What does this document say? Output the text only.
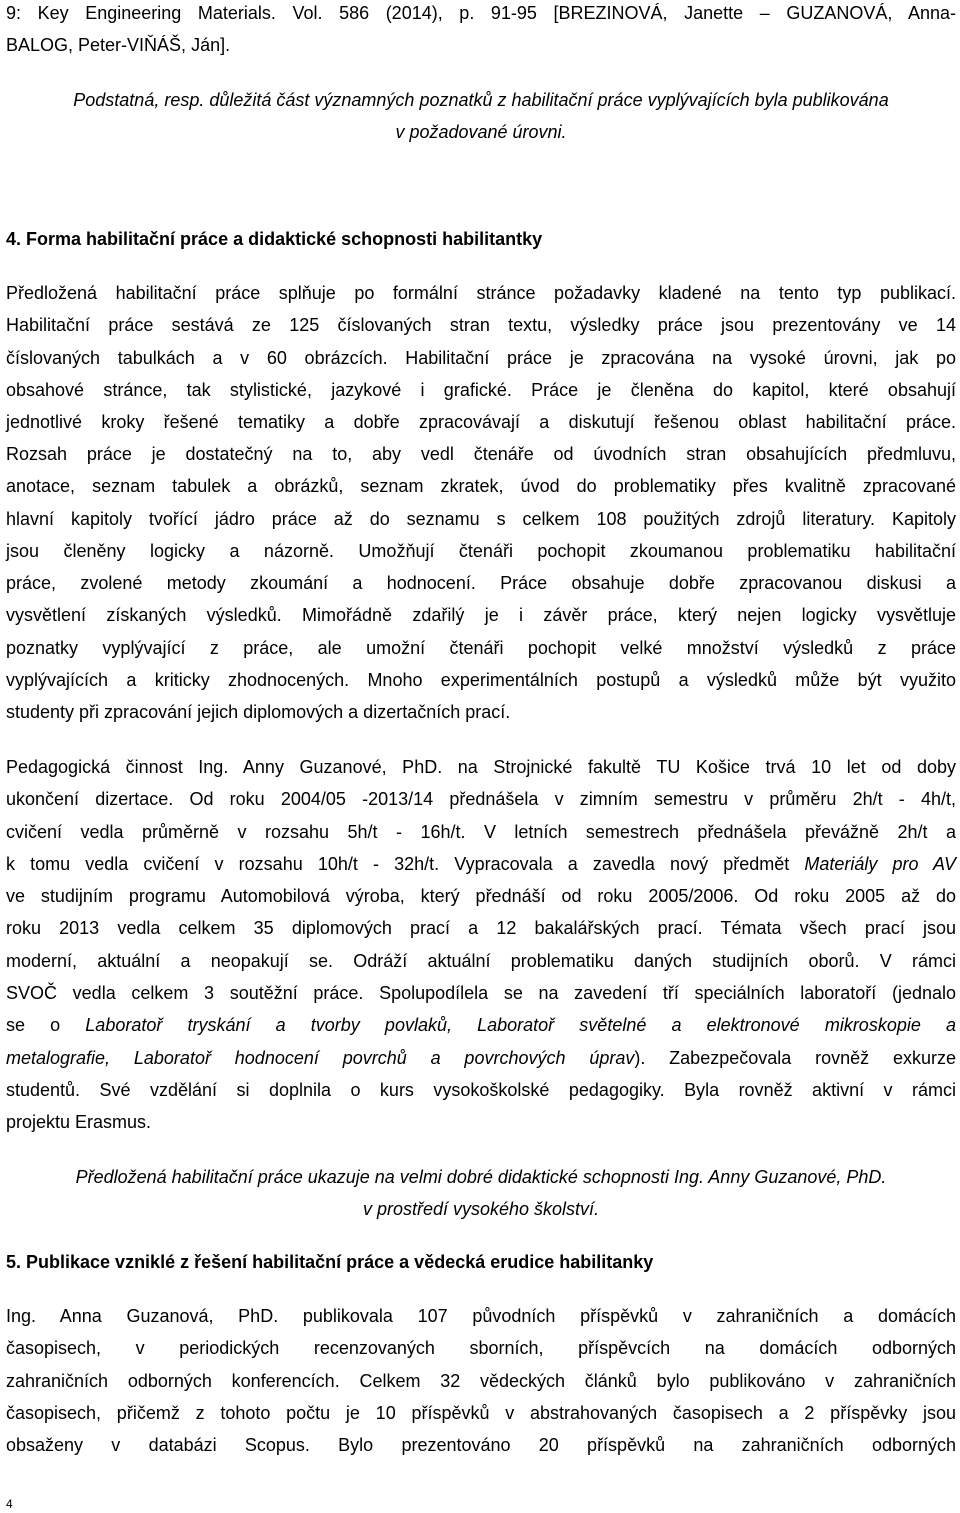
9: Key Engineering Materials. Vol. 586 (2014), p. 91-95 [BREZINOVÁ, Janette – GUZANOVÁ, Anna-
BALOG, Peter-VIŇÁŠ, Ján].
Podstatná, resp. důležitá část významných poznatků z habilitační práce vyplývajících byla publikována
v požadované úrovni.
4. Forma habilitační práce a didaktické schopnosti habilitantky
Předložená habilitační práce splňuje po formální stránce požadavky kladené na tento typ publikací.
Habilitační práce sestává ze 125 číslovaných stran textu, výsledky práce jsou prezentovány ve 14
číslovaných tabulkách a v 60 obrázcích. Habilitační práce je zpracována na vysoké úrovni, jak po
obsahové stránce, tak stylistické, jazykové i grafické. Práce je členěna do kapitol, které obsahují
jednotlivé kroky řešené tematiky a dobře zpracovávají a diskutují řešenou oblast habilitační práce.
Rozsah práce je dostatečný na to, aby vedl čtenáře od úvodních stran obsahujících předmluvu,
anotace, seznam tabulek a obrázků, seznam zkratek, úvod do problematiky přes kvalitně zpracované
hlavní kapitoly tvořící jádro práce až do seznamu s celkem 108 použitých zdrojů literatury. Kapitoly
jsou členěny logicky a názorně. Umožňují čtenáři pochopit zkoumanou problematiku habilitační
práce, zvolené metody zkoumání a hodnocení. Práce obsahuje dobře zpracovanou diskusi a
vysvětlení získaných výsledků. Mimořádně zdařilý je i závěr práce, který nejen logicky vysvětluje
poznatky vyplývající z práce, ale umožní čtenáři pochopit velké množství výsledků z práce
vyplývajících a kriticky zhodnocených. Mnoho experimentálních postupů a výsledků může být využito
studenty při zpracování jejich diplomových a dizertačních prací.
Pedagogická činnost Ing. Anny Guzanové, PhD. na Strojnické fakultě TU Košice trvá 10 let od doby
ukončení dizertace. Od roku 2004/05 -2013/14 přednášela v zimním semestru v průměru 2h/t - 4h/t,
cvičení vedla průměrně v rozsahu 5h/t - 16h/t. V letních semestrech přednášela převážně 2h/t a
k tomu vedla cvičení v rozsahu 10h/t - 32h/t. Vypracovala a zavedla nový předmět Materiály pro AV
ve studijním programu Automobilová výroba, který přednáší od roku 2005/2006. Od roku 2005 až do
roku 2013 vedla celkem 35 diplomových prací a 12 bakalářských prací. Témata všech prací jsou
moderní, aktuální a neopakují se. Odráží aktuální problematiku daných studijních oborů. V rámci
SVOČ vedla celkem 3 soutěžní práce. Spolupodílela se na zavedení tří speciálních laboratoří (jednalo
se o Laboratoř tryskání a tvorby povlaků, Laboratoř světelné a elektronové mikroskopie a
metalografie, Laboratoř hodnocení povrchů a povrchových úprav). Zabezpečovala rovněž exkurze
studentů. Své vzdělání si doplnila o kurs vysokoškolské pedagogiky. Byla rovněž aktivní v rámci
projektu Erasmus.
Předložená habilitační práce ukazuje na velmi dobré didaktické schopnosti Ing. Anny Guzanové, PhD.
v prostředí vysokého školství.
5. Publikace vzniklé z řešení habilitační práce a vědecká erudice habilitanky
Ing. Anna Guzanová, PhD. publikovala 107 původních příspěvků v zahraničních a domácích
časopisech, v periodických recenzovaných sborních, příspěvcích na domácích odborných
zahraničních odborných konferencích. Celkem 32 vědeckých článků bylo publikováno v zahraničních
časopisech, přičemž z tohoto počtu je 10 příspěvků v abstrahovaných časopisech a 2 příspěvky jsou
obsaženy v databázi Scopus. Bylo prezentováno 20 příspěvků na zahraničních odborných
4
